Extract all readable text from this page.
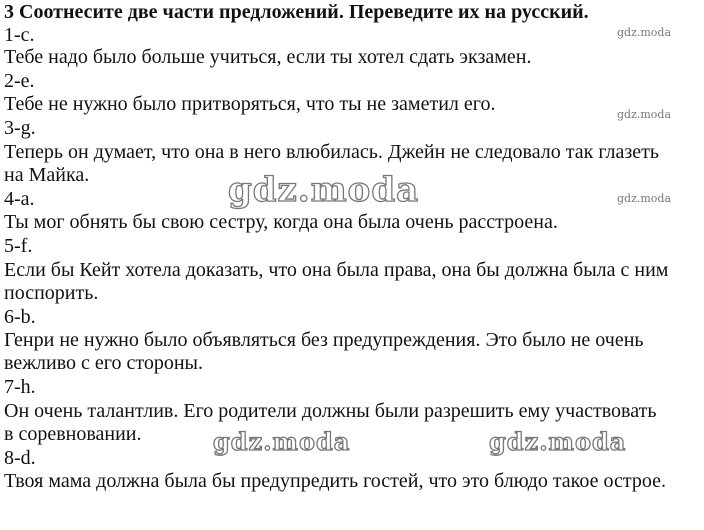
3 Соотнесите две части предложений. Переведите их на русский.
1-c.
Тебе надо было больше учиться, если ты хотел сдать экзамен.
2-e.
Тебе не нужно было притворяться, что ты не заметил его.
3-g.
Теперь он думает, что она в него влюбилась. Джейн не следовало так глазеть
на Майка.
4-a.
Ты мог обнять бы свою сестру, когда она была очень расстроена.
5-f.
Если бы Кейт хотела доказать, что она была права, она бы должна была с ним
поспорить.
6-b.
Генри не нужно было объявляться без предупреждения. Это было не очень
вежливо с его стороны.
7-h.
Он очень талантлив. Его родители должны были разрешить ему участвовать
в соревновании.
8-d.
Твоя мама должна была бы предупредить гостей, что это блюдо такое острое.
gdz.moda
gdz.moda
gdz.moda
gdz.moda
gdz.moda	gdz.moda
